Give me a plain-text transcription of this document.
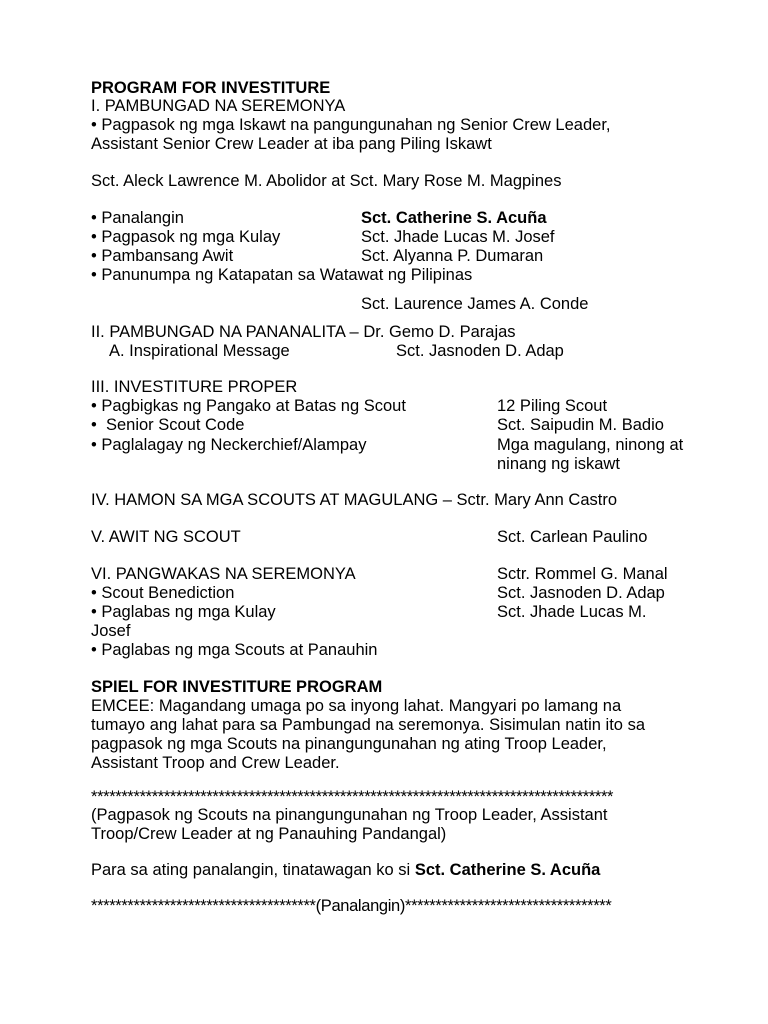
PROGRAM FOR INVESTITURE
I. PAMBUNGAD NA SEREMONYA
• Pagpasok ng mga Iskawt na pangungunahan ng Senior Crew Leader,
Assistant Senior Crew Leader at iba pang Piling Iskawt
Sct. Aleck Lawrence M. Abolidor at Sct. Mary Rose M. Magpines
• Panalangin	Sct. Catherine S. Acuña
• Pagpasok ng mga Kulay	Sct. Jhade Lucas M. Josef
• Pambansang Awit	Sct. Alyanna P. Dumaran
• Panunumpa ng Katapatan sa Watawat ng Pilipinas
Sct. Laurence James A. Conde
II. PAMBUNGAD NA PANANALITA – Dr. Gemo D. Parajas
A. Inspirational Message	Sct. Jasnoden D. Adap
III. INVESTITURE PROPER
• Pagbigkas ng Pangako at Batas ng Scout	12 Piling Scout
•  Senior Scout Code	Sct. Saipudin M. Badio
• Paglalagay ng Neckerchief/Alampay	Mga magulang, ninong at
ninang ng iskawt
IV. HAMON SA MGA SCOUTS AT MAGULANG – Sctr. Mary Ann Castro
V. AWIT NG SCOUT	Sct. Carlean Paulino
VI. PANGWAKAS NA SEREMONYA	Sctr. Rommel G. Manal
• Scout Benediction	Sct. Jasnoden D. Adap
• Paglabas ng mga Kulay	Sct. Jhade Lucas M.
Josef
• Paglabas ng mga Scouts at Panauhin
SPIEL FOR INVESTITURE PROGRAM
EMCEE: Magandang umaga po sa inyong lahat. Mangyari po lamang na
tumayo ang lahat para sa Pambungad na seremonya. Sisimulan natin ito sa
pagpasok ng mga Scouts na pinangungunahan ng ating Troop Leader,
Assistant Troop and Crew Leader.
**************************************************************************************
(Pagpasok ng Scouts na pinangungunahan ng Troop Leader, Assistant
Troop/Crew Leader at ng Panauhing Pandangal)
Para sa ating panalangin, tinatawagan ko si Sct. Catherine S. Acuña
*************************************(Panalangin)**********************************
